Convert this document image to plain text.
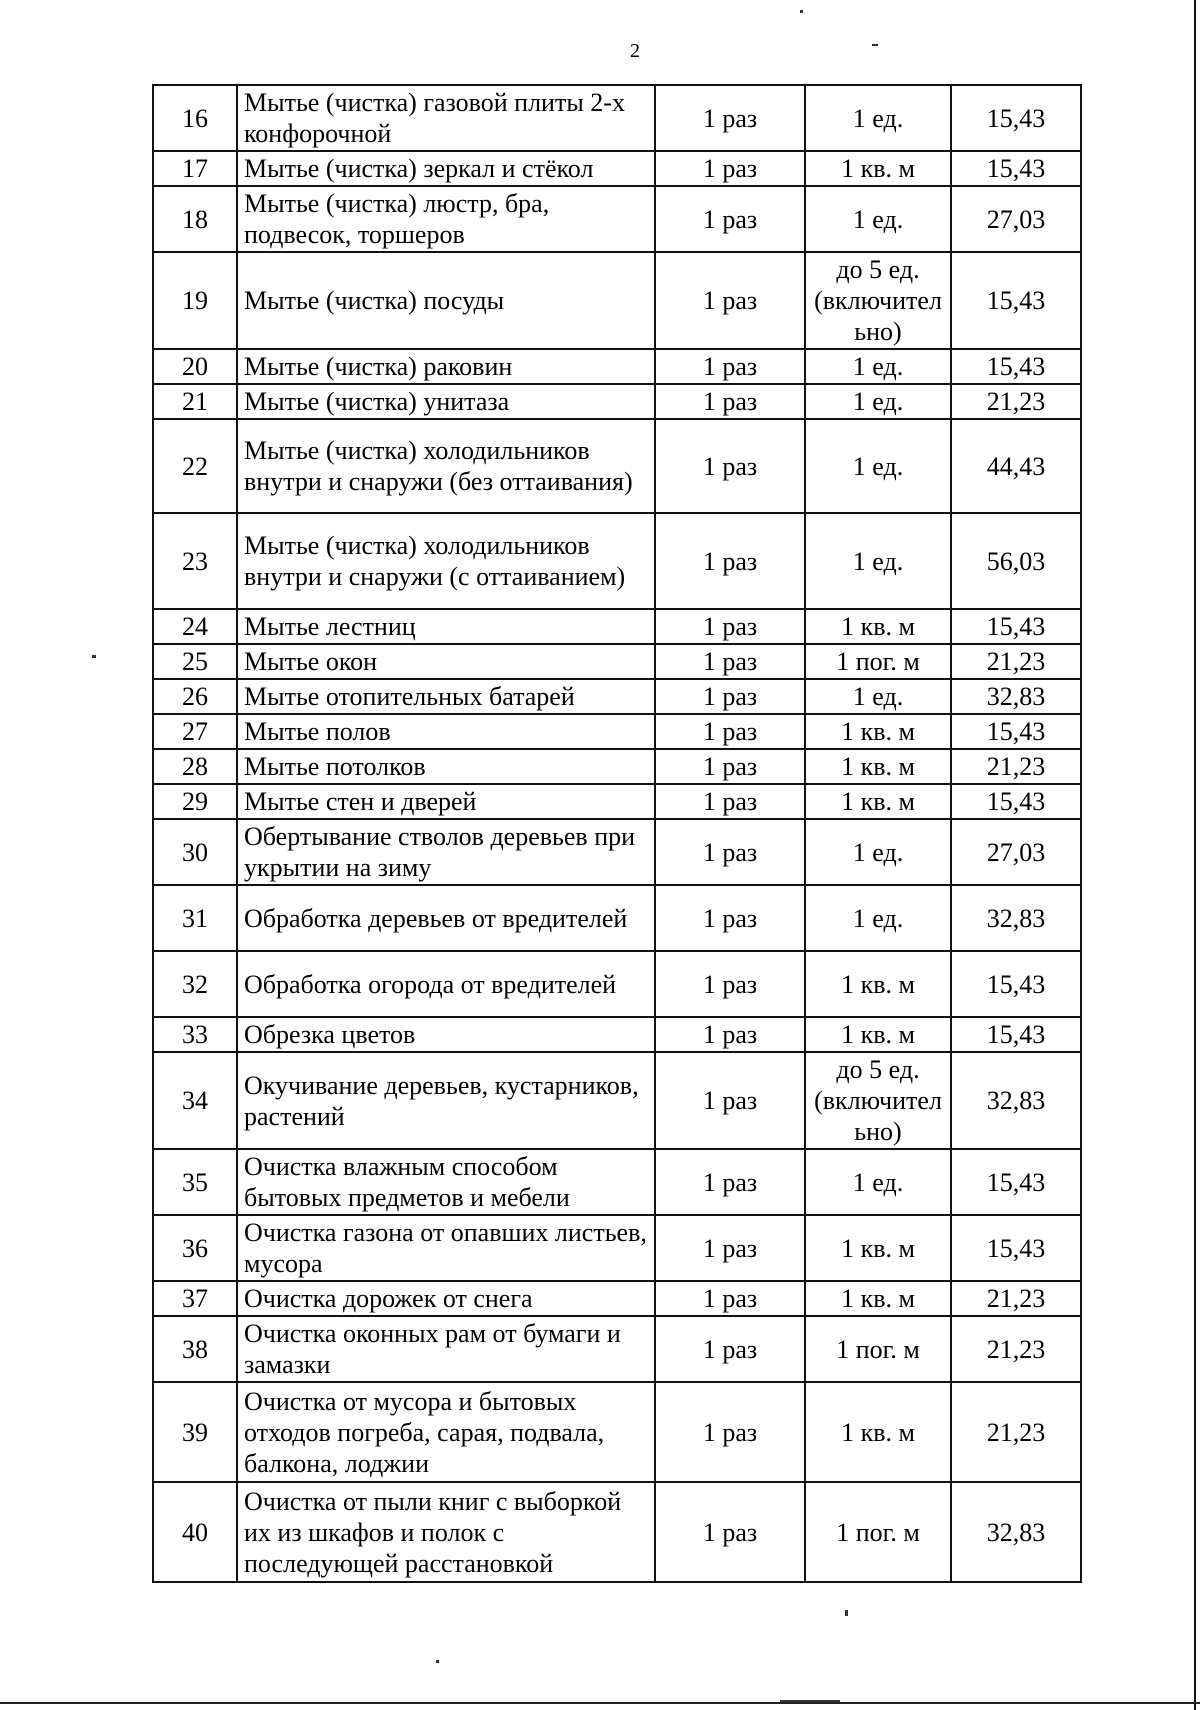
2
16	Мытье (чистка) газовой плиты 2-х конфорочной	1 раз	1 ед.	15,43
17	Мытье (чистка) зеркал и стёкол	1 раз	1 кв. м	15,43
18	Мытье (чистка) люстр, бра, подвесок, торшеров	1 раз	1 ед.	27,03
19	Мытье (чистка) посуды	1 раз	до 5 ед. (включительно)	15,43
20	Мытье (чистка) раковин	1 раз	1 ед.	15,43
21	Мытье (чистка) унитаза	1 раз	1 ед.	21,23
22	Мытье (чистка) холодильников внутри и снаружи (без оттаивания)	1 раз	1 ед.	44,43
23	Мытье (чистка) холодильников внутри и снаружи (с оттаиванием)	1 раз	1 ед.	56,03
24	Мытье лестниц	1 раз	1 кв. м	15,43
25	Мытье окон	1 раз	1 пог. м	21,23
26	Мытье отопительных батарей	1 раз	1 ед.	32,83
27	Мытье полов	1 раз	1 кв. м	15,43
28	Мытье потолков	1 раз	1 кв. м	21,23
29	Мытье стен и дверей	1 раз	1 кв. м	15,43
30	Обертывание стволов деревьев при укрытии на зиму	1 раз	1 ед.	27,03
31	Обработка деревьев от вредителей	1 раз	1 ед.	32,83
32	Обработка огорода от вредителей	1 раз	1 кв. м	15,43
33	Обрезка цветов	1 раз	1 кв. м	15,43
34	Окучивание деревьев, кустарников, растений	1 раз	до 5 ед. (включительно)	32,83
35	Очистка влажным способом бытовых предметов и мебели	1 раз	1 ед.	15,43
36	Очистка газона от опавших листьев, мусора	1 раз	1 кв. м	15,43
37	Очистка дорожек от снега	1 раз	1 кв. м	21,23
38	Очистка оконных рам от бумаги и замазки	1 раз	1 пог. м	21,23
39	Очистка от мусора и бытовых отходов погреба, сарая, подвала, балкона, лоджии	1 раз	1 кв. м	21,23
40	Очистка от пыли книг с выборкой их из шкафов и полок с последующей расстановкой	1 раз	1 пог. м	32,83
